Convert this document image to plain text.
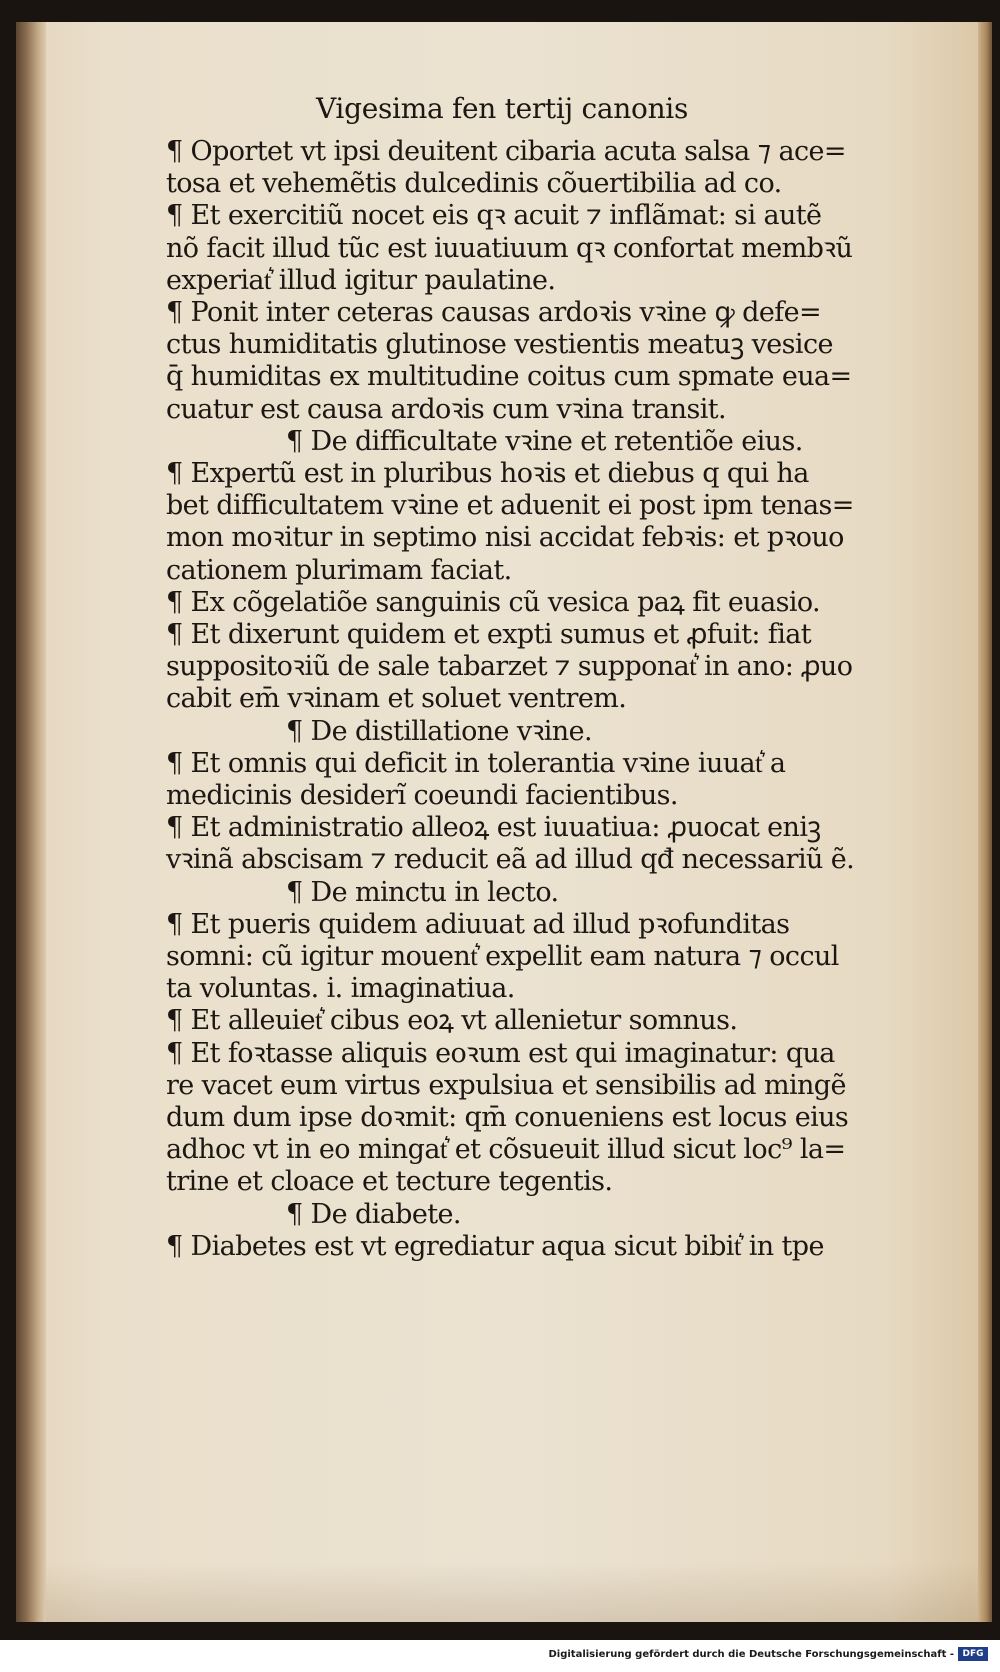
Vigesima fen tertij canonis
¶ Oportet vt ipsi deuitent cibaria acuta salsa ⁊ ace=
tosa et vehemẽtis dulcedinis cõuertibilia ad co.
¶ Et exercitiũ nocet eis qꝛ acuit ⁊ inflãmat: si autẽ
nõ facit illud tũc est iuuatiuum qꝛ confortat membꝛũ
experiat͛ illud igitur paulatine.
¶ Ponit inter ceteras causas ardoꝛis vꝛine ꝙ defe=
ctus humiditatis glutinose vestientis meatuꝫ vesice
q̄ humiditas ex multitudine coitus cum spmate eua=
cuatur est causa ardoꝛis cum vꝛina transit.
¶ De difficultate vꝛine et retentiõe eius.
¶ Expertũ est in pluribus hoꝛis et diebus q qui ha
bet difficultatem vꝛine et aduenit ei post ipm tenas=
mon moꝛitur in septimo nisi accidat febꝛis: et pꝛouo
cationem plurimam faciat.
¶ Ex cõgelatiõe sanguinis cũ vesica paꝝ fit euasio.
¶ Et dixerunt quidem et expti sumus et ꝓfuit: fiat
suppositoꝛiũ de sale tabarzet ⁊ supponat͛ in ano: ꝓuo
cabit em̄ vꝛinam et soluet ventrem.
¶ De distillatione vꝛine.
¶ Et omnis qui deficit in tolerantia vꝛine iuuat͛ a
medicinis desiderĩ coeundi facientibus.
¶ Et administratio alleoꝝ est iuuatiua: ꝓuocat eniꝫ
vꝛinã abscisam ⁊ reducit eã ad illud qđ necessariũ ẽ.
¶ De minctu in lecto.
¶ Et pueris quidem adiuuat ad illud pꝛofunditas
somni: cũ igitur mouent͛ expellit eam natura ⁊ occul
ta voluntas. i. imaginatiua.
¶ Et alleuiet͛ cibus eoꝝ vt allenietur somnus.
¶ Et foꝛtasse aliquis eoꝛum est qui imaginatur: qua
re vacet eum virtus expulsiua et sensibilis ad mingẽ
dum dum ipse doꝛmit: qm̄ conueniens est locus eius
adhoc vt in eo mingat͛ et cõsueuit illud sicut loc⁹ la=
trine et cloace et tecture tegentis.
¶ De diabete.
¶ Diabetes est vt egrediatur aqua sicut bibit͛ in tpe
Digitalisierung gefördert durch die Deutsche Forschungsgemeinschaft - DFG
